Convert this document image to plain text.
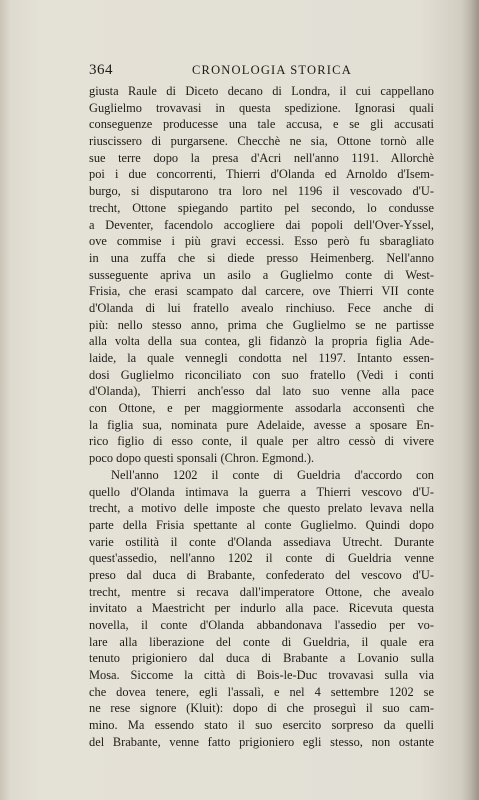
364	CRONOLOGIA STORICA
giusta Raule di Diceto decano di Londra, il cui cappellano
Guglielmo trovavasi in questa spedizione. Ignorasi quali
conseguenze producesse una tale accusa, e se gli accusati
riuscissero di purgarsene. Checchè ne sia, Ottone tornò alle
sue terre dopo la presa d'Acri nell'anno 1191. Allorchè
poi i due concorrenti, Thierri d'Olanda ed Arnoldo d'Isem-
burgo, si disputarono tra loro nel 1196 il vescovado d'U-
trecht, Ottone spiegando partito pel secondo, lo condusse
a Deventer, facendolo accogliere dai popoli dell'Over-Yssel,
ove commise i più gravi eccessi. Esso però fu sbaragliato
in una zuffa che si diede presso Heimenberg. Nell'anno
susseguente apriva un asilo a Guglielmo conte di West-
Frisia, che erasi scampato dal carcere, ove Thierri VII conte
d'Olanda di lui fratello avealo rinchiuso. Fece anche di
più: nello stesso anno, prima che Guglielmo se ne partisse
alla volta della sua contea, gli fidanzò la propria figlia Ade-
laide, la quale vennegli condotta nel 1197. Intanto essen-
dosi Guglielmo riconciliato con suo fratello (Vedi i conti
d'Olanda), Thierri anch'esso dal lato suo venne alla pace
con Ottone, e per maggiormente assodarla acconsentì che
la figlia sua, nominata pure Adelaide, avesse a sposare En-
rico figlio di esso conte, il quale per altro cessò di vivere
poco dopo questi sponsali (Chron. Egmond.).
Nell'anno 1202 il conte di Gueldria d'accordo con
quello d'Olanda intimava la guerra a Thierri vescovo d'U-
trecht, a motivo delle imposte che questo prelato levava nella
parte della Frisia spettante al conte Guglielmo. Quindi dopo
varie ostilità il conte d'Olanda assediava Utrecht. Durante
quest'assedio, nell'anno 1202 il conte di Gueldria venne
preso dal duca di Brabante, confederato del vescovo d'U-
trecht, mentre si recava dall'imperatore Ottone, che avealo
invitato a Maestricht per indurlo alla pace. Ricevuta questa
novella, il conte d'Olanda abbandonava l'assedio per vo-
lare alla liberazione del conte di Gueldria, il quale era
tenuto prigioniero dal duca di Brabante a Lovanio sulla
Mosa. Siccome la città di Bois-le-Duc trovavasi sulla via
che dovea tenere, egli l'assalì, e nel 4 settembre 1202 se
ne rese signore (Kluit): dopo di che proseguì il suo cam-
mino. Ma essendo stato il suo esercito sorpreso da quelli
del Brabante, venne fatto prigioniero egli stesso, non ostante
